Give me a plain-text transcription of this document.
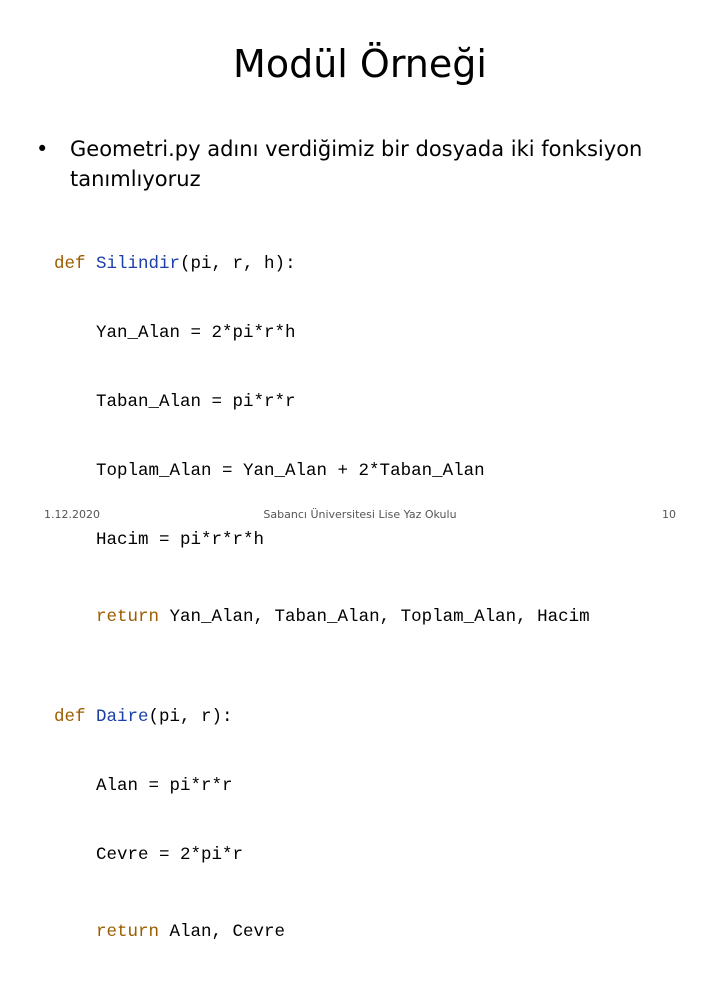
Modül Örneği
• Geometri.py adını verdiğimiz bir dosyada iki fonksiyon tanımlıyoruz

def Silindir(pi, r, h):

Yan_Alan = 2*pi*r*h

Taban_Alan = pi*r*r

Toplam_Alan = Yan_Alan + 2*Taban_Alan

Hacim = pi*r*r*h

return Yan_Alan, Taban_Alan, Toplam_Alan, Hacim

def Daire(pi, r):

Alan = pi*r*r

Cevre = 2*pi*r

return Alan, Cevre

1.12.2020	Sabancı Üniversitesi Lise Yaz Okulu	10
